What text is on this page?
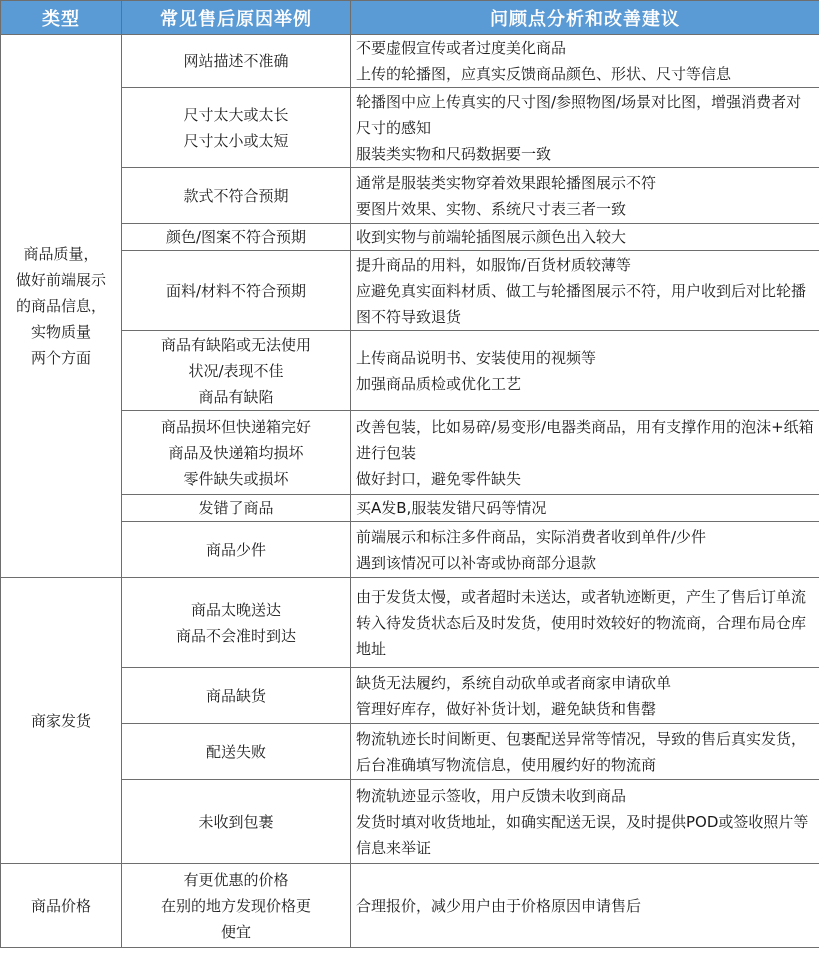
类型	常见售后原因举例	问顾点分析和改善建议

商品质量，
做好前端展示
的商品信息，
实物质量
两个方面	网站描述不准确	不要虚假宣传或者过度美化商品
上传的轮播图，应真实反馈商品颜色、形状、尺寸等信息

	尺寸太大或太长
尺寸太小或太短	轮播图中应上传真实的尺寸图/参照物图/场景对比图，增强消费者对尺寸的感知
服装类实物和尺码数据要一致

	款式不符合预期	通常是服装类实物穿着效果跟轮播图展示不符
要图片效果、实物、系统尺寸表三者一致

	颜色/图案不符合预期	收到实物与前端轮插图展示颜色出入较大

	面料/材料不符合预期	提升商品的用料，如服饰/百货材质较薄等
应避免真实面料材质、做工与轮播图展示不符，用户收到后对比轮播图不符导致退货

	商品有缺陷或无法使用
状况/表现不佳
商品有缺陷	上传商品说明书、安装使用的视频等
加强商品质检或优化工艺

	商品损坏但快递箱完好
商品及快递箱均损坏
零件缺失或损坏	改善包装，比如易碎/易变形/电器类商品，用有支撑作用的泡沫+纸箱进行包装
做好封口，避免零件缺失

	发错了商品	买A发B,服装发错尺码等情况

	商品少件	前端展示和标注多件商品，实际消费者收到单件/少件
遇到该情况可以补寄或协商部分退款

商家发货	商品太晚送达
商品不会准时到达	由于发货太慢，或者超时未送达，或者轨迹断更，产生了售后订单流转入待发货状态后及时发货，使用时效较好的物流商，合理布局仓库地址

	商品缺货	缺货无法履约，系统自动砍单或者商家申请砍单
管理好库存，做好补货计划，避免缺货和售罄

	配送失败	物流轨迹长时间断更、包裹配送异常等情况，导致的售后真实发货，后台准确填写物流信息，使用履约好的物流商

	未收到包裹	物流轨迹显示签收，用户反馈未收到商品
发货时填对收货地址，如确实配送无误，及时提供POD或签收照片等信息来举证

商品价格	有更优惠的价格
在别的地方发现价格更
便宜	合理报价，减少用户由于价格原因申请售后
